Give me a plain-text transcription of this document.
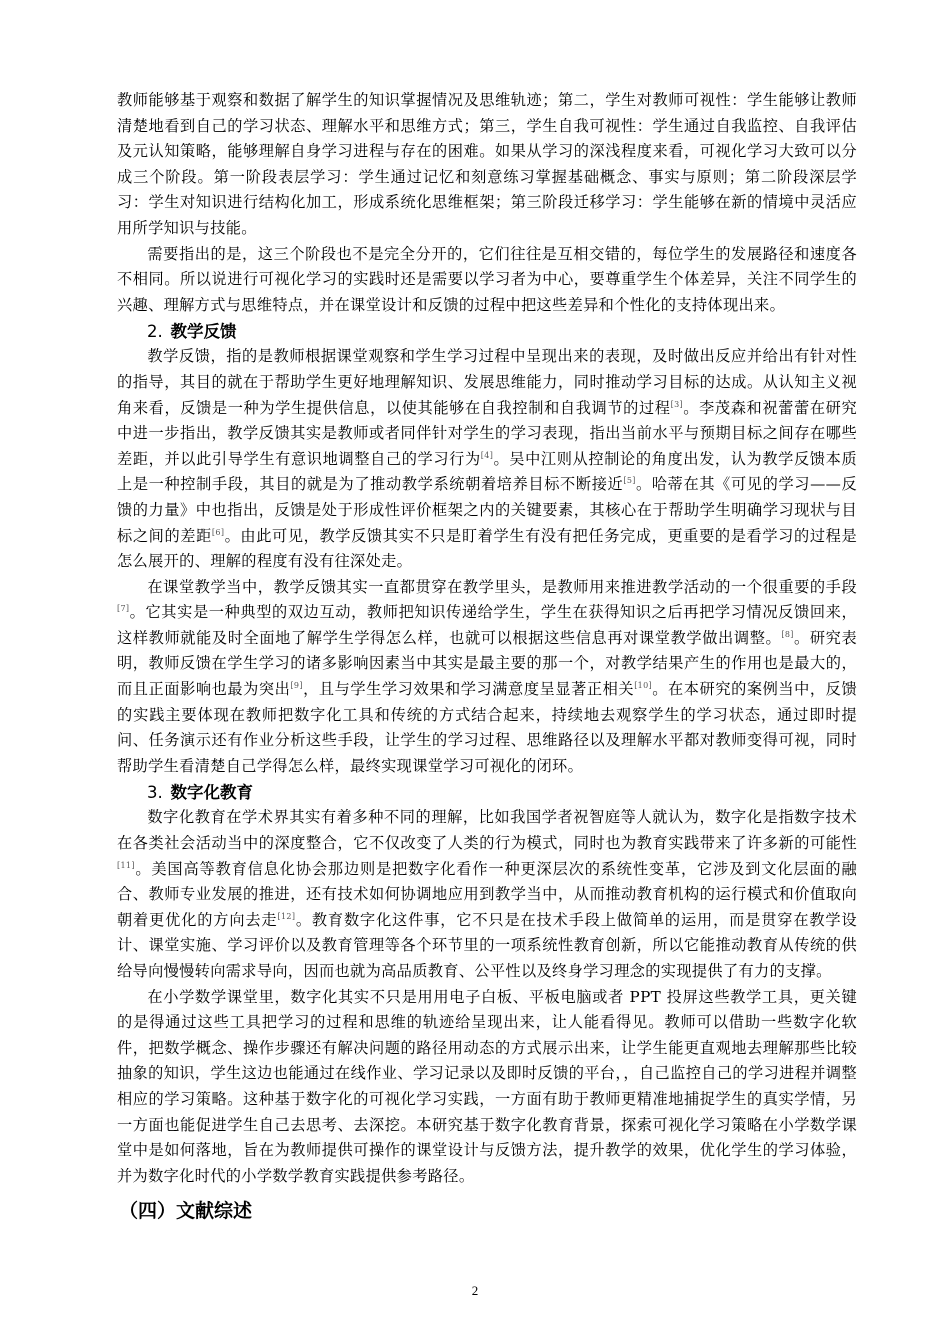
教师能够基于观察和数据了解学生的知识掌握情况及思维轨迹；第二，学生对教师可视性：学生能够让教师清楚地看到自己的学习状态、理解水平和思维方式；第三，学生自我可视性：学生通过自我监控、自我评估及元认知策略，能够理解自身学习进程与存在的困难。如果从学习的深浅程度来看，可视化学习大致可以分成三个阶段。第一阶段表层学习：学生通过记忆和刻意练习掌握基础概念、事实与原则；第二阶段深层学习：学生对知识进行结构化加工，形成系统化思维框架；第三阶段迁移学习：学生能够在新的情境中灵活应用所学知识与技能。

需要指出的是，这三个阶段也不是完全分开的，它们往往是互相交错的，每位学生的发展路径和速度各不相同。所以说进行可视化学习的实践时还是需要以学习者为中心，要尊重学生个体差异，关注不同学生的兴趣、理解方式与思维特点，并在课堂设计和反馈的过程中把这些差异和个性化的支持体现出来。

2. 教学反馈

教学反馈，指的是教师根据课堂观察和学生学习过程中呈现出来的表现，及时做出反应并给出有针对性的指导，其目的就在于帮助学生更好地理解知识、发展思维能力，同时推动学习目标的达成。从认知主义视角来看，反馈是一种为学生提供信息，以使其能够在自我控制和自我调节的过程[3]。李茂森和祝蕾蕾在研究中进一步指出，教学反馈其实是教师或者同伴针对学生的学习表现，指出当前水平与预期目标之间存在哪些差距，并以此引导学生有意识地调整自己的学习行为[4]。吴中江则从控制论的角度出发，认为教学反馈本质上是一种控制手段，其目的就是为了推动教学系统朝着培养目标不断接近[5]。哈蒂在其《可见的学习——反馈的力量》中也指出，反馈是处于形成性评价框架之内的关键要素，其核心在于帮助学生明确学习现状与目标之间的差距[6]。由此可见，教学反馈其实不只是盯着学生有没有把任务完成，更重要的是看学习的过程是怎么展开的、理解的程度有没有往深处走。

在课堂教学当中，教学反馈其实一直都贯穿在教学里头，是教师用来推进教学活动的一个很重要的手段[7]。它其实是一种典型的双边互动，教师把知识传递给学生，学生在获得知识之后再把学习情况反馈回来，这样教师就能及时全面地了解学生学得怎么样，也就可以根据这些信息再对课堂教学做出调整。[8]。研究表明，教师反馈在学生学习的诸多影响因素当中其实是最主要的那一个，对教学结果产生的作用也是最大的，而且正面影响也最为突出[9]，且与学生学习效果和学习满意度呈显著正相关[10]。在本研究的案例当中，反馈的实践主要体现在教师把数字化工具和传统的方式结合起来，持续地去观察学生的学习状态，通过即时提问、任务演示还有作业分析这些手段，让学生的学习过程、思维路径以及理解水平都对教师变得可视，同时帮助学生看清楚自己学得怎么样，最终实现课堂学习可视化的闭环。

3. 数字化教育

数字化教育在学术界其实有着多种不同的理解，比如我国学者祝智庭等人就认为，数字化是指数字技术在各类社会活动当中的深度整合，它不仅改变了人类的行为模式，同时也为教育实践带来了许多新的可能性[11]。美国高等教育信息化协会那边则是把数字化看作一种更深层次的系统性变革，它涉及到文化层面的融合、教师专业发展的推进，还有技术如何协调地应用到教学当中，从而推动教育机构的运行模式和价值取向朝着更优化的方向去走[12]。教育数字化这件事，它不只是在技术手段上做简单的运用，而是贯穿在教学设计、课堂实施、学习评价以及教育管理等各个环节里的一项系统性教育创新，所以它能推动教育从传统的供给导向慢慢转向需求导向，因而也就为高品质教育、公平性以及终身学习理念的实现提供了有力的支撑。

在小学数学课堂里，数字化其实不只是用用电子白板、平板电脑或者 PPT 投屏这些教学工具，更关键的是得通过这些工具把学习的过程和思维的轨迹给呈现出来，让人能看得见。教师可以借助一些数字化软件，把数学概念、操作步骤还有解决问题的路径用动态的方式展示出来，让学生能更直观地去理解那些比较抽象的知识，学生这边也能通过在线作业、学习记录以及即时反馈的平台，，自己监控自己的学习进程并调整相应的学习策略。这种基于数字化的可视化学习实践，一方面有助于教师更精准地捕捉学生的真实学情，另一方面也能促进学生自己去思考、去深挖。本研究基于数字化教育背景，探索可视化学习策略在小学数学课堂中是如何落地，旨在为教师提供可操作的课堂设计与反馈方法，提升教学的效果，优化学生的学习体验，并为数字化时代的小学数学教育实践提供参考路径。

（四）文献综述
2
